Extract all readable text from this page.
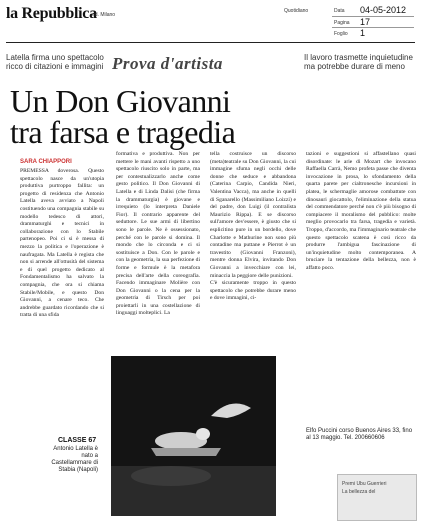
la Repubblica
ed. Milano
Quotidiano	Data 04-05-2012
Pagina 17
Foglio 1
Latella firma uno spettacolo ricco di citazioni e immagini Prova d'artista	Il lavoro trasmette inquietudine ma potrebbe durare di meno
Un Don Giovanni
tra farsa e tragedia
SARA CHIAPPORI
PREMESSA doverosa. Questo spettacolo nasce da un'utopia produttiva purtroppo fallita: un progetto di residenza che Antonio Latella aveva avviato a Napoli costituendo una compagnia stabile su modello tedesco di attori, drammaturghi e tecnici in collaborazione con lo Stabile partenopeo. Poi ci si è messa di mezzo la politica e l'operazione è naufragata. Ma Latella è regista che non si arrende all'ottusità del sistema e di quel progetto dedicato al Fondamentalismo ha salvato la compagnia, che ora si chiama Stabile/Mobile, e questo Don Giovanni, a cenare teco. Che andrebbe guardato ricordando che si tratta di una sfida
formativa e produttiva. Non per mettere le mani avanti rispetto a uno spettacolo riuscito solo in parte, ma per contestualizzarlo anche come gesto politico. Il Don Giovanni di Latella e di Linda Dalisi (che firma la drammaturgia) è giovane e irrequieto (lo interpreta Daniele Fior). Il contrario apparente del seduttore. Le sue armi di libertino sono le parole. Ne è ossessionato, perché con le parole si domina. Il mondo che lo circonda e ci si sostituisce a Don. Con le parole e con la geometria, la sua perfezione di forme e formule è la metafora precisa dell'arte della coreografia. Facendo immaginare Molière con Don Giovanni o la cena per la geometria di Tirsch per poi proiettarli in una costellazione di linguaggi molteplici. La
tella costruisce un discorso (meta)teatrale su Don Giovanni, la cui immagine sfuma negli occhi delle donne che seduce e abbandona (Caterina Carpio, Candida Nieri, Valentina Vacca), ma anche in quelli di Sganarello (Massimiliano Loizzi) e del padre, don Luigi (il contralista Maurizio Rippa). E se discorso sull'amore dev'essere, è giusto che si esplicitino pure in un bordello, dove Charlotte e Mathurine non sono più contadine ma puttane e Pierrot è un travestito (Giovanni Franzoni), mentre donna Elvira, invitando Don Giovanni a invecchiare con lei, minaccia la peggiore delle punizioni.
C'è sicuramente troppo in questo spettacolo che potrebbe durare meno e dove immagini, ci-
tazioni e suggestioni si affastellano quasi disordinate: le arie di Mozart che invocano Raffaella Carrà, Nemo profeta passe che diventa invocazione in prosa, lo sfondamento della quarta parete per cialtronesche incursioni in platea, le schermaglie amorose combattute con dinosauri giocattolo, l'eliminazione della statua del commendatore perché non c'è più bisogno di compiacere il moralismo del pubblico: molte meglio provocarlo tra farsa, tragedia e varietà. Troppo, d'accordo, ma l'immaginario teatrale che questo spettacolo scatena è così ricco da produrre l'ambigua fascinazione di un'inquietudine molto contemporanea. A bruciare la tentazione della bellezza, non è affatto poco.
Elfo Puccini corso Buenos Aires 33, fino al 13 maggio. Tel. 200660606
CLASSE 67
Antonio Latella è nato a Castellammare di Stabia (Napoli)
Premi Ubu Guerrieri
La bellezza del
